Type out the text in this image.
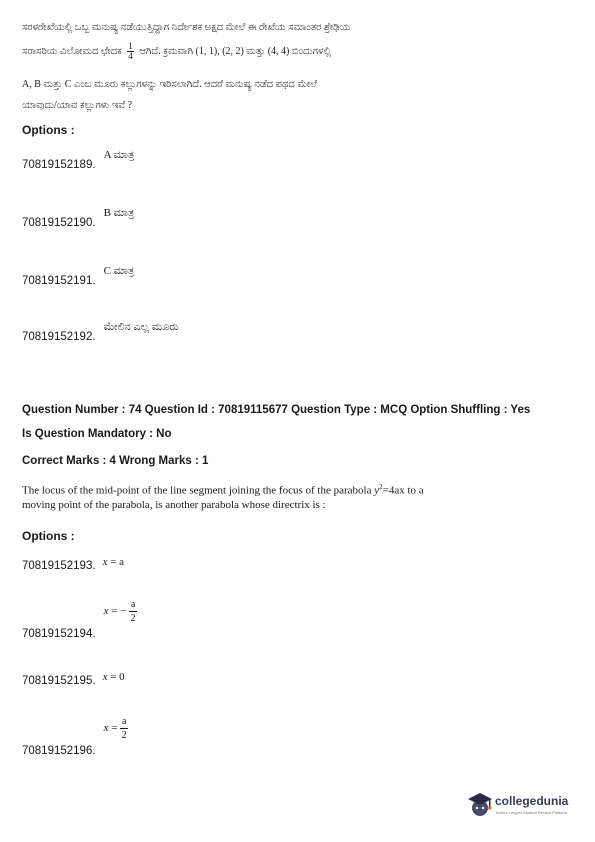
ಸರಳರೇಖೆಯಲ್ಲಿ ಒಬ್ಬ ಮನುಷ್ಯ ನಡೆಯುತ್ತಿದ್ದಾಗ ನಿರ್ದೇಶಕ ಅಕ್ಷದ ಮೇಲೆ ಈ ರೇಖೆಯ ಸಮಾಂತರ ಶ್ರೇಢಿಯ
ಸರಾಸರಿಯ ವಿಲೋಮದ ಛೇದಕ $\frac{1}{4}$ ಆಗಿದೆ. ಕ್ರಮವಾಗಿ (1, 1), (2, 2) ಮತ್ತು (4, 4) ಬಿಂದುಗಳಲ್ಲಿ
A, B ಮತ್ತು C ಎಂಬ ಮೂರು ಕಲ್ಲುಗಳನ್ನು ಇರಿಸಲಾಗಿದೆ. ಆದರೆ ಮನುಷ್ಯ ನಡೆದ ಪಥದ ಮೇಲೆ
ಯಾವುದು/ಯಾವ ಕಲ್ಲುಗಳು ಇವೆ ?
Options :
$_{70819152189.}$ A ಮಾತ್ರ
$_{70819152190.}$ B ಮಾತ್ರ
$_{70819152191.}$ C ಮಾತ್ರ
$_{70819152192.}$ ಮೇಲಿನ ಎಲ್ಲ ಮೂರು
Question Number : 74 Question Id : 70819115677 Question Type : MCQ Option Shuffling : Yes
Is Question Mandatory : No
Correct Marks : 4 Wrong Marks : 1
The locus of the mid-point of the line segment joining the focus of the parabola $y^2=4ax$ to a
moving point of the parabola, is another parabola whose directrix is :
Options :
$_{70819152193.}$ x = a
$_{70819152194.}$ x = − $\frac{a}{2}$
$_{70819152195.}$ x = 0
$_{70819152196.}$ $x = \frac{a}{2}$
collegedunia
India's Largest Student Review Platform
